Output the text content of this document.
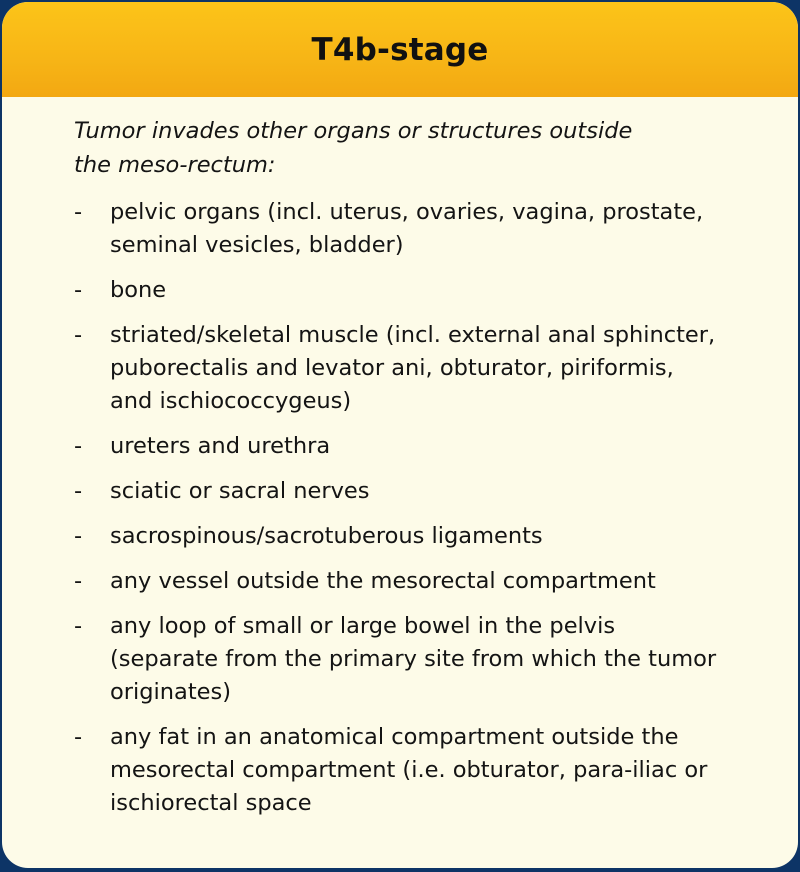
T4b-stage
Tumor invades other organs or structures outside
the meso-rectum:
-	pelvic organs (incl. uterus, ovaries, vagina, prostate,
seminal vesicles, bladder)
-	bone
-	striated/skeletal muscle (incl. external anal sphincter,
puborectalis and levator ani, obturator, piriformis,
and ischiococcygeus)
-	ureters and urethra
-	sciatic or sacral nerves
-	sacrospinous/sacrotuberous ligaments
-	any vessel outside the mesorectal compartment
-	any loop of small or large bowel in the pelvis
(separate from the primary site from which the tumor
originates)
-	any fat in an anatomical compartment outside the
mesorectal compartment (i.e. obturator, para-iliac or
ischiorectal space
